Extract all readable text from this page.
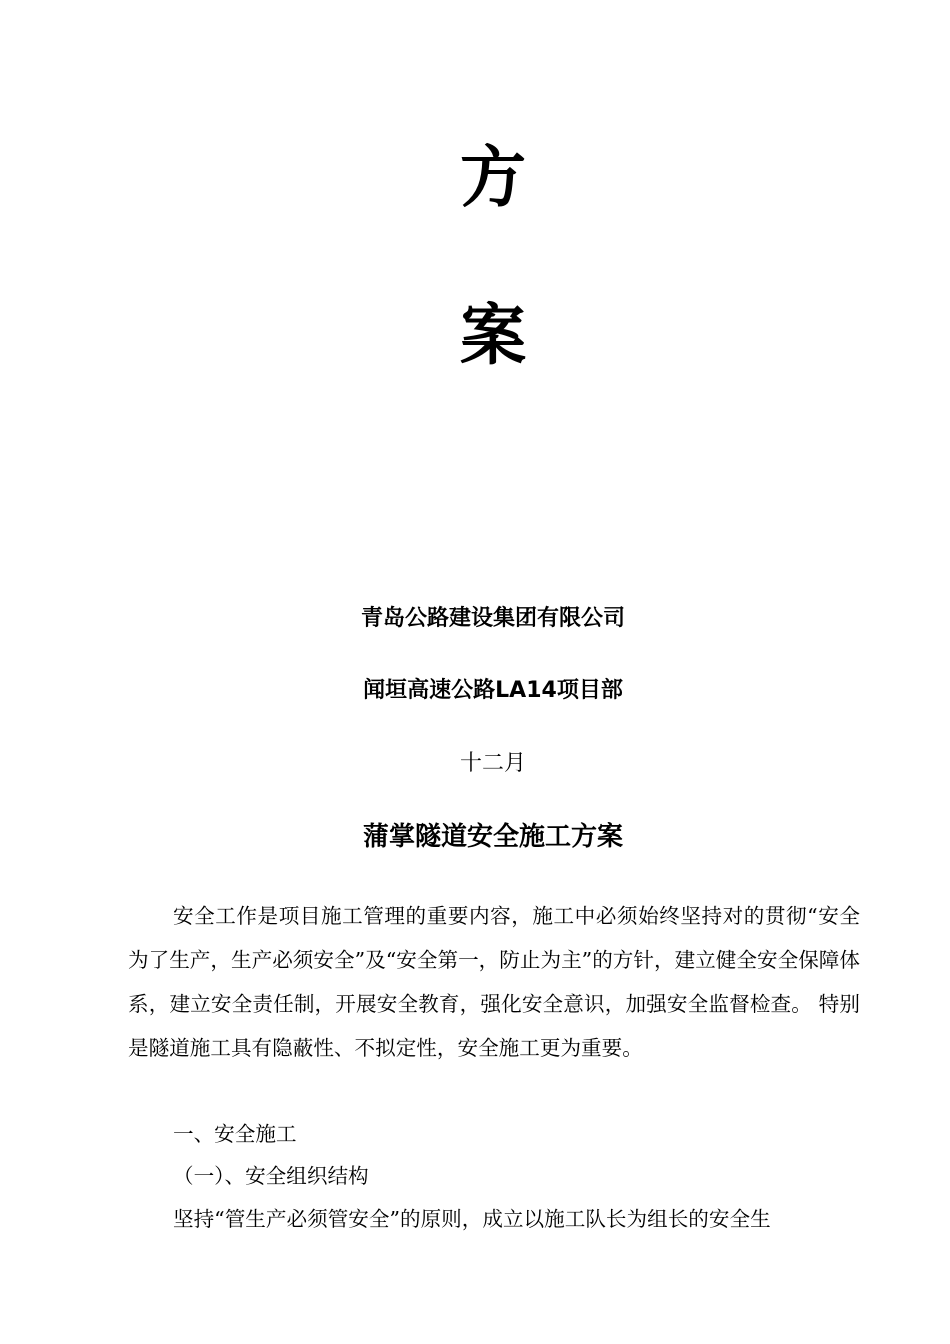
方
案
青岛公路建设集团有限公司
闻垣高速公路LA14项目部
十二月
蒲掌隧道安全施工方案

安全工作是项目施工管理的重要内容，施工中必须始终坚持对的贯彻“安全为了生产，生产必须安全”及“安全第一，防止为主”的方针，建立健全安全保障体系，建立安全责任制，开展安全教育，强化安全意识，加强安全监督检查。 特别是隧道施工具有隐蔽性、不拟定性，安全施工更为重要。

一、安全施工

（一）、安全组织结构

坚持“管生产必须管安全”的原则，成立以施工队长为组长的安全生
